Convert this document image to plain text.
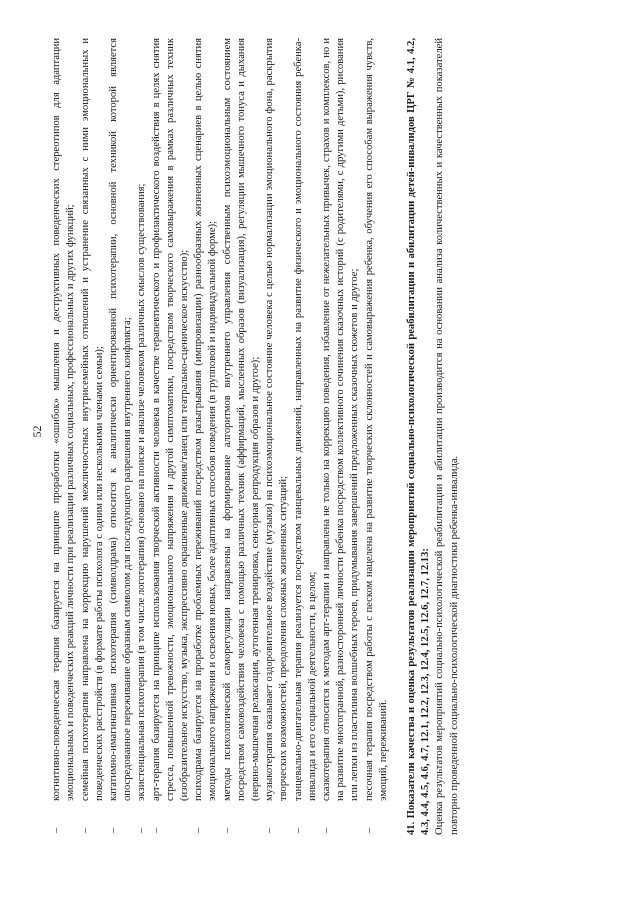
52
–
когнитивно-поведенческая терапия базируется на принципе проработки «ошибок» мышления и деструктивных поведенческих стереотипов для адаптации эмоциональных и поведенческих реакций личности при реализации различных социальных, профессиональных и других функций;
–
семейная психотерапия направлена на коррекцию нарушений межличностных внутрисемейных отношений и устранение связанных с ними эмоциональных и поведенческих расстройств (в формате работы психолога с одним или несколькими членами семьи);
–
кататимно-имагинативная психотерапия (символдрама) относится к аналитически ориентированной психотерапии, основной техникой которой является опосредованное переживание образным символом для последующего разрешения внутреннего конфликта;
–
экзистенциальная психотерапия (в том числе логотерапия) основано на поиске и анализе человеком различных смыслов существования;
–
арт-терапия базируется на принципе использования творческой активности человека в качестве терапевтического и профилактического воздействия в целях снятия стресса, повышенной тревожности, эмоционального напряжения и другой симптоматики, посредством творческого самовыражения в рамках различных техник (изобразительное искусство, музыка, экспрессивно окрашенные движения/танец или театрально-сценическое искусство);
–
психодрама базируется на проработке проблемных переживаний посредством разыгрывания (импровизации) разнообразных жизненных сценариев в целью снятия эмоционального напряжения и освоения новых, более адаптивных способов поведения (в групповой и индивидуальной форме);
–
методы психологической саморегуляции направлены на формирование алгоритмов внутреннего управления собственным психоэмоциональным состоянием посредством самовоздействия человека с помощью различных техник (аффирмаций, мысленных образов (визуализация), регуляции мышечного тонуса и дыхания (нервно-мышечная релаксация, аутогенная тренировка, сенсорная репродукция образов и другое);
–
музыкотерапия оказывает оздоровительное воздействие (музыки) на психоэмоциональное состояние человека с целью нормализации эмоционального фона, раскрытия творческих возможностей, преодоления сложных жизненных ситуаций;
–
танцевально-двигательная терапия реализуется посредством танцевальных движений, направленных на развитие физического и эмоционального состояния ребенка-инвалида и его социальной деятельности, в целом;
–
сказкотерапия относится к методам арт-терапии и направлена не только на коррекцию поведения, избавление от нежелательных привычек, страхов и комплексов, но и на развитие многогранной, разносторонней личности ребенка посредством коллективного сочинения сказочных историй (с родителями, с другими детьми), рисования или лепки из пластилина волшебных героев, придумывания завершений предложенных сказочных сюжетов и другое;
–
песочная терапия посредством работы с песком нацелена на развитие творческих склонностей и самовыражения ребенка, обучения его способам выражения чувств, эмоций, переживаний. 41. Показатели качества и оценка результатов реализации мероприятий социально-психологической реабилитации и абилитации детей-инвалидов ЦРГ № 4.1, 4.2, 4.3, 4.4, 4.5, 4.6, 4.7, 12.1, 12.2, 12.3, 12.4, 12.5, 12.6, 12.7, 12.13: Оценка результатов мероприятий социально-психологической реабилитации и абилитации производится на основании анализа количественных и качественных показателей повторно проведенной социально-психологической диагностики ребенка-инвалида.
